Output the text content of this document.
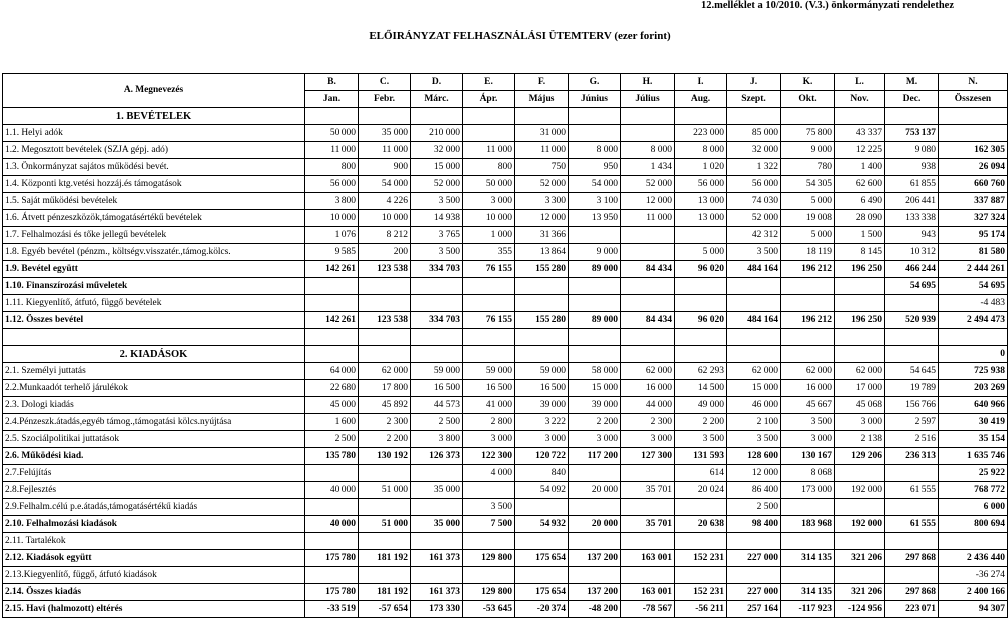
12.melléklet a 10/2010. (V.3.) önkormányzati rendelethez
ELŐIRÁNYZAT FELHASZNÁLÁSI ÜTEMTERV (ezer forint)
A. Megnevezés	B.	C.	D.	E.	F.	G.	H.	I.	J.	K.	L.	M.	N.
	Jan.	Febr.	Márc.	Ápr.	Május	Június	Július	Aug.	Szept.	Okt.	Nov.	Dec.	Összesen
1. BEVÉTELEK													
1.1. Helyi adók	50 000	35 000	210 000		31 000			223 000	85 000	75 800	43 337	753 137	
1.2. Megosztott bevételek (SZJA gépj. adó)	11 000	11 000	32 000	11 000	11 000	8 000	8 000	8 000	32 000	9 000	12 225	9 080	162 305
1.3. Önkormányzat sajátos működési bevét.	800	900	15 000	800	750	950	1 434	1 020	1 322	780	1 400	938	26 094
1.4. Központi ktg.vetési hozzáj.és támogatások	56 000	54 000	52 000	50 000	52 000	54 000	52 000	56 000	56 000	54 305	62 600	61 855	660 760
1.5. Saját működési bevételek	3 800	4 226	3 500	3 000	3 300	3 100	12 000	13 000	74 030	5 000	6 490	206 441	337 887
1.6. Átvett pénzeszközök,támogatásértékű bevételek	10 000	10 000	14 938	10 000	12 000	13 950	11 000	13 000	52 000	19 008	28 090	133 338	327 324
1.7. Felhalmozási és tőke jellegű bevételek	1 076	8 212	3 765	1 000	31 366				42 312	5 000	1 500	943	95 174
1.8. Egyéb bevétel (pénzm., költségv.visszatér.,támog.kölcs.	9 585	200	3 500	355	13 864	9 000		5 000	3 500	18 119	8 145	10 312	81 580
1.9. Bevétel együtt	142 261	123 538	334 703	76 155	155 280	89 000	84 434	96 020	484 164	196 212	196 250	466 244	2 444 261
1.10. Finanszírozási műveletek												54 695	54 695
1.11. Kiegyenlítő, átfutó, függő bevételek													-4 483
1.12. Összes bevétel	142 261	123 538	334 703	76 155	155 280	89 000	84 434	96 020	484 164	196 212	196 250	520 939	2 494 473

2. KIADÁSOK													0
2.1. Személyi juttatás	64 000	62 000	59 000	59 000	59 000	58 000	62 000	62 293	62 000	62 000	62 000	54 645	725 938
2.2.Munkaadót terhelő járulékok	22 680	17 800	16 500	16 500	16 500	15 000	16 000	14 500	15 000	16 000	17 000	19 789	203 269
2.3. Dologi kiadás	45 000	45 892	44 573	41 000	39 000	39 000	44 000	49 000	46 000	45 667	45 068	156 766	640 966
2.4.Pénzeszk.átadás,egyéb támog.,támogatási kölcs.nyújtása	1 600	2 300	2 500	2 800	3 222	2 200	2 300	2 200	2 100	3 500	3 000	2 597	30 419
2.5. Szociálpolitikai juttatások	2 500	2 200	3 800	3 000	3 000	3 000	3 000	3 500	3 500	3 000	2 138	2 516	35 154
2.6. Működési kiad.	135 780	130 192	126 373	122 300	120 722	117 200	127 300	131 593	128 600	130 167	129 206	236 313	1 635 746
2.7.Felújítás				4 000	840			614	12 000	8 068			25 922
2.8.Fejlesztés	40 000	51 000	35 000		54 092	20 000	35 701	20 024	86 400	173 000	192 000	61 555	768 772
2.9.Felhalm.célú p.e.átadás,támogatásértékű kiadás				3 500					2 500				6 000
2.10. Felhalmozási kiadások	40 000	51 000	35 000	7 500	54 932	20 000	35 701	20 638	98 400	183 968	192 000	61 555	800 694
2.11. Tartalékok													
2.12. Kiadások együtt	175 780	181 192	161 373	129 800	175 654	137 200	163 001	152 231	227 000	314 135	321 206	297 868	2 436 440
2.13.Kiegyenlítő, függő, átfutó kiadások													-36 274
2.14. Összes kiadás	175 780	181 192	161 373	129 800	175 654	137 200	163 001	152 231	227 000	314 135	321 206	297 868	2 400 166
2.15. Havi (halmozott) eltérés	-33 519	-57 654	173 330	-53 645	-20 374	-48 200	-78 567	-56 211	257 164	-117 923	-124 956	223 071	94 307
